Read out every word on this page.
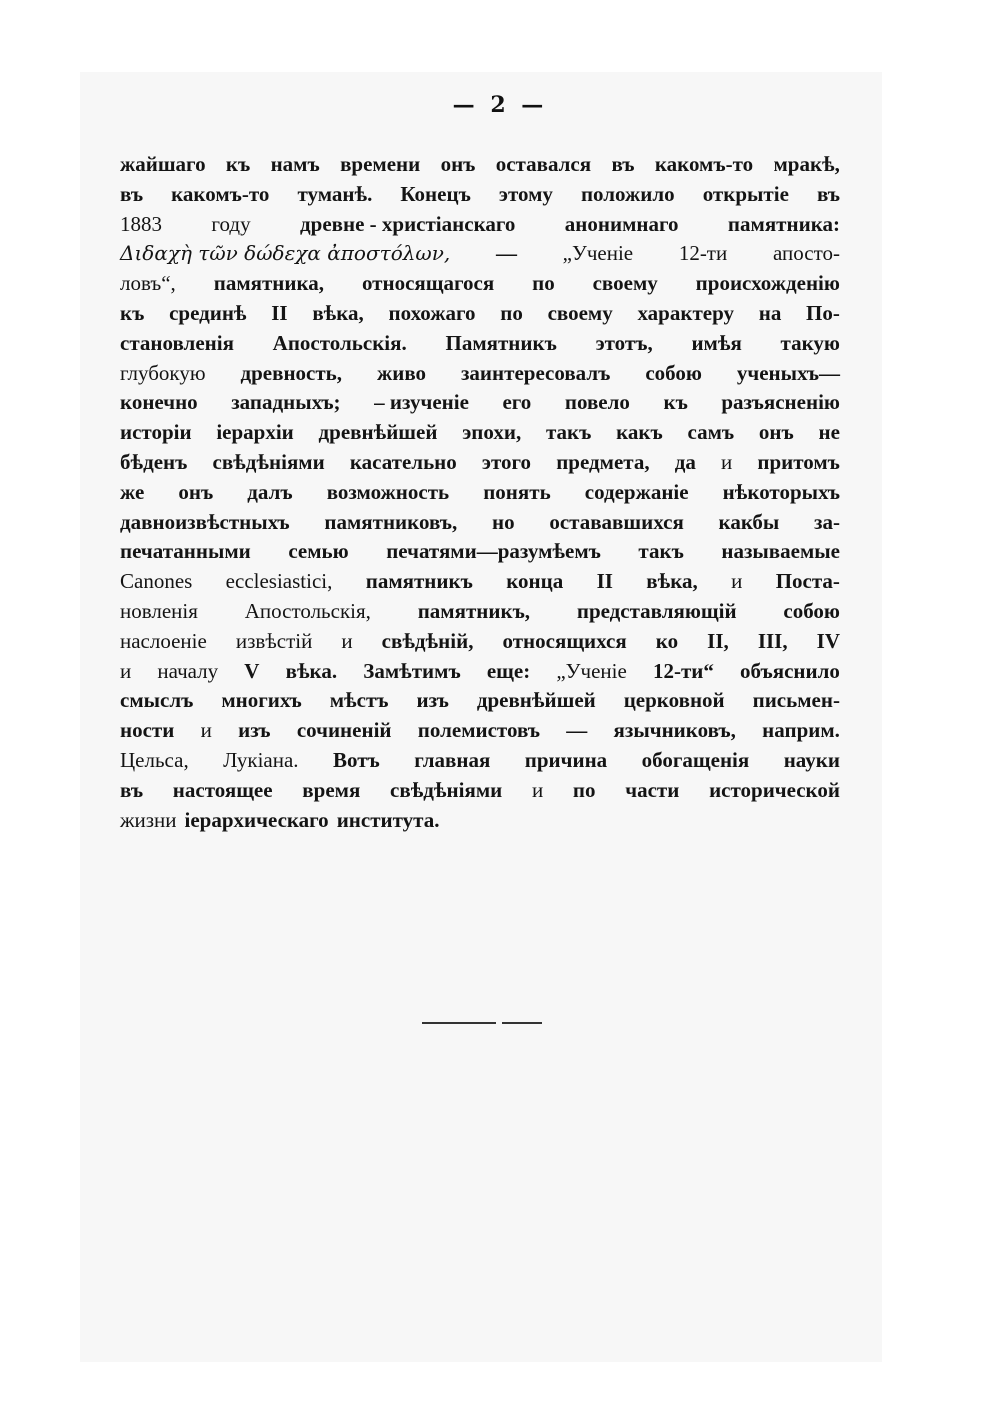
— 2 —
жайшаго къ намъ времени онъ оставался въ какомъ-то мракѣ,
въ какомъ-то туманѣ. Конецъ этому положило открытіе въ
1883 году древне - христіанскаго анонимнаго памятника:
Διδαχὴ τῶν δώδεχα ἀποστόλων, — „Ученіе 12-ти апосто-
ловъ“, памятника, относящагося по своему происхожденію
къ срединѣ II вѣка, похожаго по своему характеру на По-
становленія Апостольскія. Памятникъ этотъ, имѣя такую
глубокую древность, живо заинтересовалъ собою ученыхъ—
конечно западныхъ; – изученіе его повело къ разъясненію
исторіи іерархіи древнѣйшей эпохи, такъ какъ самъ онъ не
бѣденъ свѣдѣніями касательно этого предмета, да и притомъ
же онъ далъ возможность понять содержаніе нѣкоторыхъ
давноизвѣстныхъ памятниковъ, но остававшихся какбы за-
печатанными семью печатями—разумѣемъ такъ называемые
Canones ecclesiastici, памятникъ конца II вѣка, и Поста-
новленія Апостольскія, памятникъ, представляющій собою
наслоеніе извѣстій и свѣдѣній, относящихся ко II, III, IV
и началу V вѣка. Замѣтимъ еще: „Ученіе 12-ти“ объяснило
смыслъ многихъ мѣстъ изъ древнѣйшей церковной письмен-
ности и изъ сочиненій полемистовъ — язычниковъ, наприм.
Цельса, Лукіана. Вотъ главная причина обогащенія науки
въ настоящее время свѣдѣніями и по части исторической
жизни іерархическаго института.
